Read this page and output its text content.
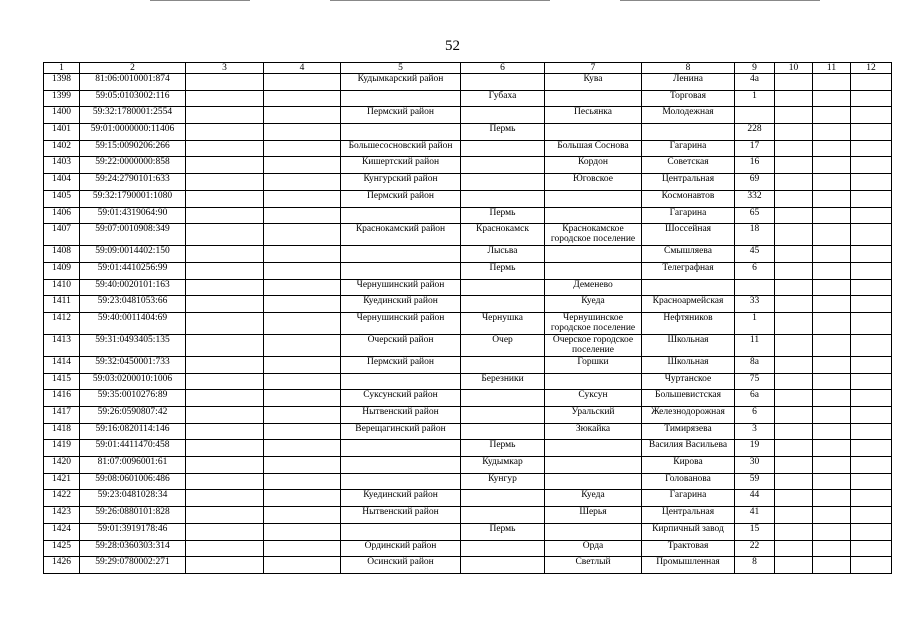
52
1	2	3	4	5	6	7	8	9	10	11	12
1398	81:06:0010001:874			Кудымкарский район		Кува	Ленина	4а			
1399	59:05:0103002:116				Губаха		Торговая	1			
1400	59:32:1780001:2554			Пермский район		Песьянка	Молодежная				
1401	59:01:0000000:11406				Пермь			228			
1402	59:15:0090206:266			Большесосновский район		Большая Соснова	Гагарина	17			
1403	59:22:0000000:858			Кишертский район		Кордон	Советская	16			
1404	59:24:2790101:633			Кунгурский район		Юговское	Центральная	69			
1405	59:32:1790001:1080			Пермский район			Космонавтов	332			
1406	59:01:4319064:90				Пермь		Гагарина	65			
1407	59:07:0010908:349			Краснокамский район	Краснокамск	Краснокамское городское поселение	Шоссейная	18			
1408	59:09:0014402:150				Лысьва		Смышляева	45			
1409	59:01:4410256:99				Пермь		Телеграфная	6			
1410	59:40:0020101:163			Чернушинский район		Деменево					
1411	59:23:0481053:66			Куединский район		Куеда	Красноармейская	33			
1412	59:40:0011404:69			Чернушинский район	Чернушка	Чернушинское городское поселение	Нефтяников	1			
1413	59:31:0493405:135			Очерский район	Очер	Очерское городское поселение	Школьная	11			
1414	59:32:0450001:733			Пермский район		Горшки	Школьная	8а			
1415	59:03:0200010:1006				Березники		Чуртанское	75			
1416	59:35:0010276:89			Суксунский район		Суксун	Большевистская	6а			
1417	59:26:0590807:42			Нытвенский район		Уральский	Железнодорожная	6			
1418	59:16:0820114:146			Верещагинский район		Зюкайка	Тимирязева	3			
1419	59:01:4411470:458				Пермь		Василия Васильева	19			
1420	81:07:0096001:61				Кудымкар		Кирова	30			
1421	59:08:0601006:486				Кунгур		Голованова	59			
1422	59:23:0481028:34			Куединский район		Куеда	Гагарина	44			
1423	59:26:0880101:828			Нытвенский район		Шерья	Центральная	41			
1424	59:01:3919178:46				Пермь		Кирпичный завод	15			
1425	59:28:0360303:314			Ординский район		Орда	Трактовая	22			
1426	59:29:0780002:271			Осинский район		Светлый	Промышленная	8			
